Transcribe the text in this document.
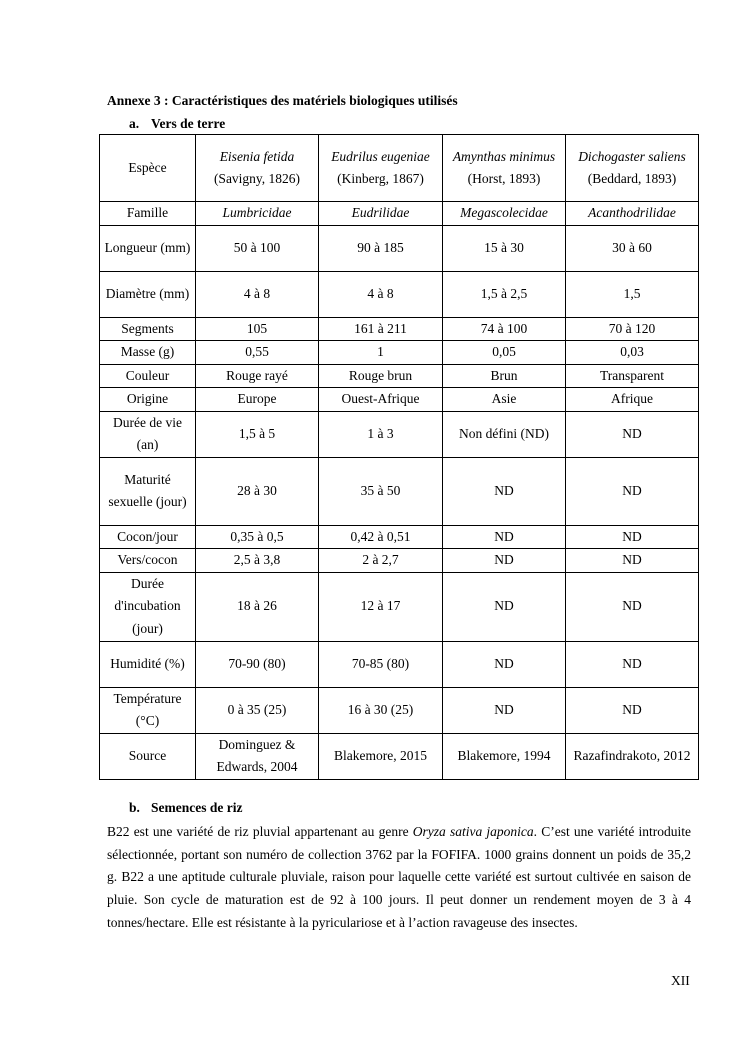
Annexe 3 : Caractéristiques des matériels biologiques utilisés
a. Vers de terre
Espèce	Eisenia fetida (Savigny, 1826)	Eudrilus eugeniae (Kinberg, 1867)	Amynthas minimus (Horst, 1893)	Dichogaster saliens (Beddard, 1893)
Famille	Lumbricidae	Eudrilidae	Megascolecidae	Acanthodrilidae
Longueur (mm)	50 à 100	90 à 185	15 à 30	30 à 60
Diamètre (mm)	4 à 8	4 à 8	1,5 à 2,5	1,5
Segments	105	161 à 211	74 à 100	70 à 120
Masse (g)	0,55	1	0,05	0,03
Couleur	Rouge rayé	Rouge brun	Brun	Transparent
Origine	Europe	Ouest-Afrique	Asie	Afrique
Durée de vie (an)	1,5 à 5	1 à 3	Non défini (ND)	ND
Maturité sexuelle (jour)	28 à 30	35 à 50	ND	ND
Cocon/jour	0,35 à 0,5	0,42 à 0,51	ND	ND
Vers/cocon	2,5 à 3,8	2 à 2,7	ND	ND
Durée d'incubation (jour)	18 à 26	12 à 17	ND	ND
Humidité (%)	70-90 (80)	70-85 (80)	ND	ND
Température (°C)	0 à 35 (25)	16 à 30 (25)	ND	ND
Source	Dominguez & Edwards, 2004	Blakemore, 2015	Blakemore, 1994	Razafindrakoto, 2012
b. Semences de riz

B22 est une variété de riz pluvial appartenant au genre Oryza sativa japonica. C’est une variété introduite sélectionnée, portant son numéro de collection 3762 par la FOFIFA. 1000 grains donnent un poids de 35,2 g. B22 a une aptitude culturale pluviale, raison pour laquelle cette variété est surtout cultivée en saison de pluie. Son cycle de maturation est de 92 à 100 jours. Il peut donner un rendement moyen de 3 à 4 tonnes/hectare. Elle est résistante à la pyriculariose et à l’action ravageuse des insectes.

XII
